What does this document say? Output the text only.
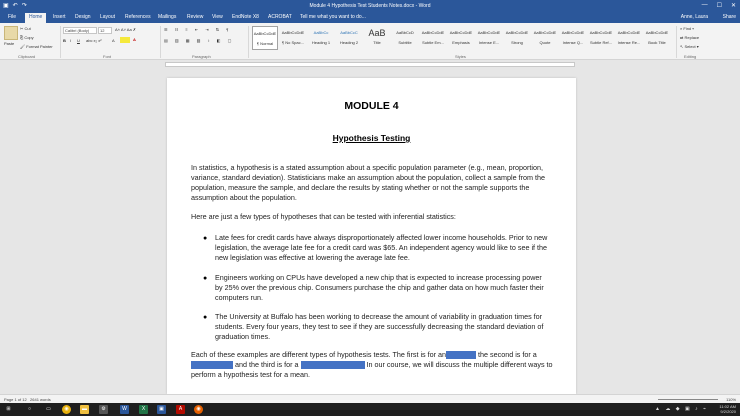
▣ ↶ ↷	Module 4 Hypothesis Test Students Notes.docx - Word	— ☐ ✕
File	Home	Insert Design Layout References Mailings Review View EndNote X8 ACROBAT Tell me what you want to do...	Anne, Laura	Share
Paste
✂ Cut
⎘ Copy
🖌 Format Painter
Clipboard
Calibri (Body)	12	A˄ A˅ Aa ✗
B I U abc x₂ x²	A	A
Font
☰ ☷ ≡ ⇤ ⇥ ⇅ ¶
▤ ▥ ▦ ▧ ↕ ◧ ▢
Paragraph
AaBbCcDdE
¶ Normal
AaBbCcDdE
¶ No Spac...
AaBbCc
Heading 1
AaBbCcC
Heading 2
AaB
Title
AaBbCcD
Subtitle
AaBbCcDdE
Subtle Em...
AaBbCcDdE
Emphasis
AaBbCcDdE
Intense E...
AaBbCcDdE
Strong
AaBbCcDdE
Quote
AaBbCcDdE
Intense Q...
AaBbCcDdE
Subtle Ref...
AaBbCcDdE
Intense Re...
AaBbCcDdE
Book Title
Styles
⌕ Find ▾
⇄ Replace
↖ Select ▾
Editing
MODULE 4
Hypothesis Testing
In statistics, a hypothesis is a stated assumption about a specific population parameter (e.g., mean, proportion, variance, standard deviation). Statisticians make an assumption about the population, collect a sample from the population, measure the sample, and declare the results by stating whether or not the sample supports the assumption about the population.
Here are just a few types of hypotheses that can be tested with inferential statistics:
● Late fees for credit cards have always disproportionately affected lower income households. Prior to new legislation, the average late fee for a credit card was $65. An independent agency would like to see if the new legislation was effective at lowering the average late fee.
● Engineers working on CPUs have developed a new chip that is expected to increase processing power by 25% over the previous chip. Consumers purchase the chip and gather data on how much faster their computers run.
● The University at Buffalo has been working to decrease the amount of variability in graduation times for students. Every four years, they test to see if they are successfully decreasing the standard deviation of graduation times.
Each of these examples are different types of hypothesis tests. The first is for an	the second is for a  and the third is for a	In our course, we will discuss the multiple different ways to perform a hypothesis test for a mean.
Page 1 of 12 2641 words	110%
⊞	○	▭	◉	▬	⚙	W	X	▣	A	◉	▲ ☁ ◆ ▣ ♪ ⌁	11:02 AM
9/2/2020
